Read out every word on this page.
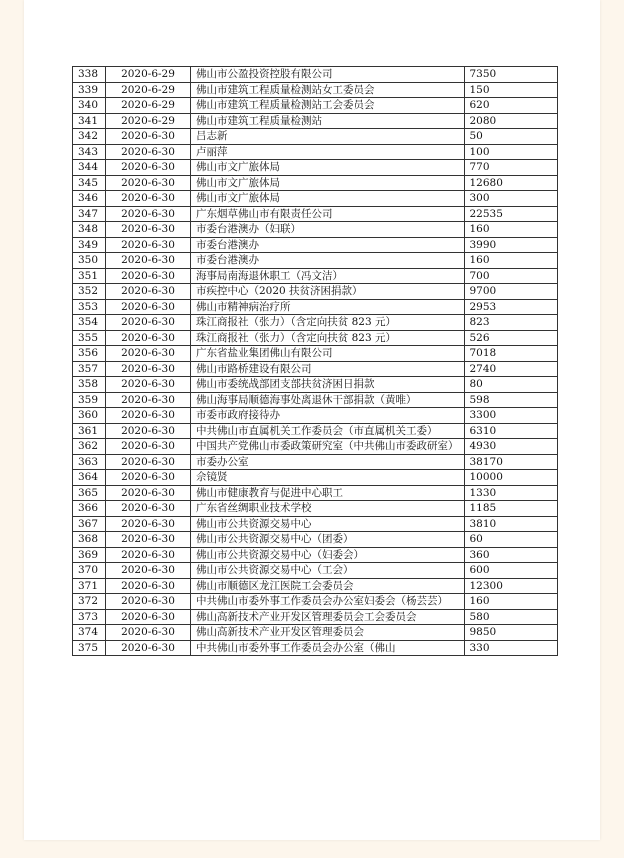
338	2020-6-29	佛山市公盈投资控股有限公司	7350
339	2020-6-29	佛山市建筑工程质量检测站女工委员会	150
340	2020-6-29	佛山市建筑工程质量检测站工会委员会	620
341	2020-6-29	佛山市建筑工程质量检测站	2080
342	2020-6-30	吕志新	50
343	2020-6-30	卢丽萍	100
344	2020-6-30	佛山市文广旅体局	770
345	2020-6-30	佛山市文广旅体局	12680
346	2020-6-30	佛山市文广旅体局	300
347	2020-6-30	广东烟草佛山市有限责任公司	22535
348	2020-6-30	市委台港澳办（妇联）	160
349	2020-6-30	市委台港澳办	3990
350	2020-6-30	市委台港澳办	160
351	2020-6-30	海事局南海退休职工（冯文洁）	700
352	2020-6-30	市疾控中心（2020 扶贫济困捐款）	9700
353	2020-6-30	佛山市精神病治疗所	2953
354	2020-6-30	珠江商报社（张力）（含定向扶贫 823 元）	823
355	2020-6-30	珠江商报社（张力）（含定向扶贫 823 元）	526
356	2020-6-30	广东省盐业集团佛山有限公司	7018
357	2020-6-30	佛山市路桥建设有限公司	2740
358	2020-6-30	佛山市委统战部团支部扶贫济困日捐款	80
359	2020-6-30	佛山海事局顺德海事处离退休干部捐款（黄唯）	598
360	2020-6-30	市委市政府接待办	3300
361	2020-6-30	中共佛山市直属机关工作委员会（市直属机关工委）	6310
362	2020-6-30	中国共产党佛山市委政策研究室（中共佛山市委政研室）	4930
363	2020-6-30	市委办公室	38170
364	2020-6-30	佘镜贤	10000
365	2020-6-30	佛山市健康教育与促进中心职工	1330
366	2020-6-30	广东省丝绸职业技术学校	1185
367	2020-6-30	佛山市公共资源交易中心	3810
368	2020-6-30	佛山市公共资源交易中心（团委）	60
369	2020-6-30	佛山市公共资源交易中心（妇委会）	360
370	2020-6-30	佛山市公共资源交易中心（工会）	600
371	2020-6-30	佛山市顺德区龙江医院工会委员会	12300
372	2020-6-30	中共佛山市委外事工作委员会办公室妇委会（杨芸芸）	160
373	2020-6-30	佛山高新技术产业开发区管理委员会工会委员会	580
374	2020-6-30	佛山高新技术产业开发区管理委员会	9850
375	2020-6-30	中共佛山市委外事工作委员会办公室（佛山	330
